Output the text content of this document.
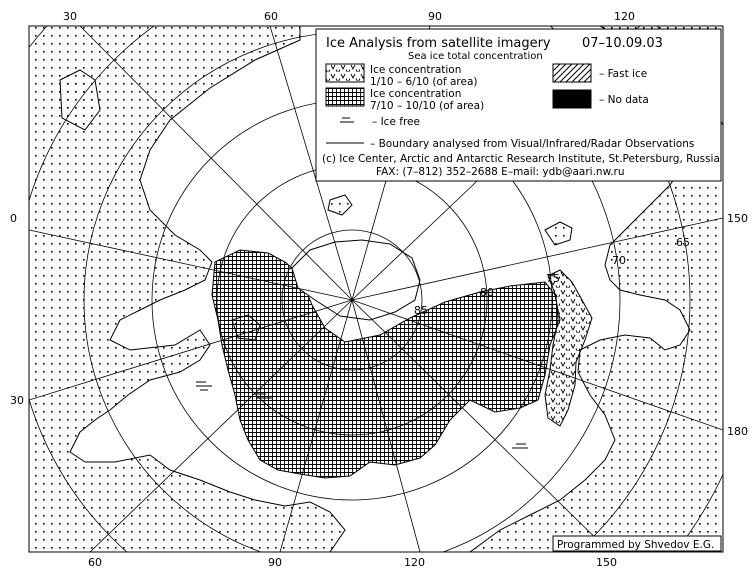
85
80
75
70
65
30	60	90	120
0
30
150
180
60	90	120	150
Ice Analysis from satellite imagery 07–10.09.03
Sea ice total concentration
Ice concentration
1/10 – 6/10 (of area)
Ice concentration
7/10 – 10/10 (of area)
– Ice free
– Fast ice
– No data
– Boundary analysed from Visual/Infrared/Radar Observations
(c) Ice Center, Arctic and Antarctic Research Institute, St.Petersburg, Russia
FAX: (7–812) 352–2688 E–mail: ydb@aari.nw.ru
Programmed by Shvedov E.G.
